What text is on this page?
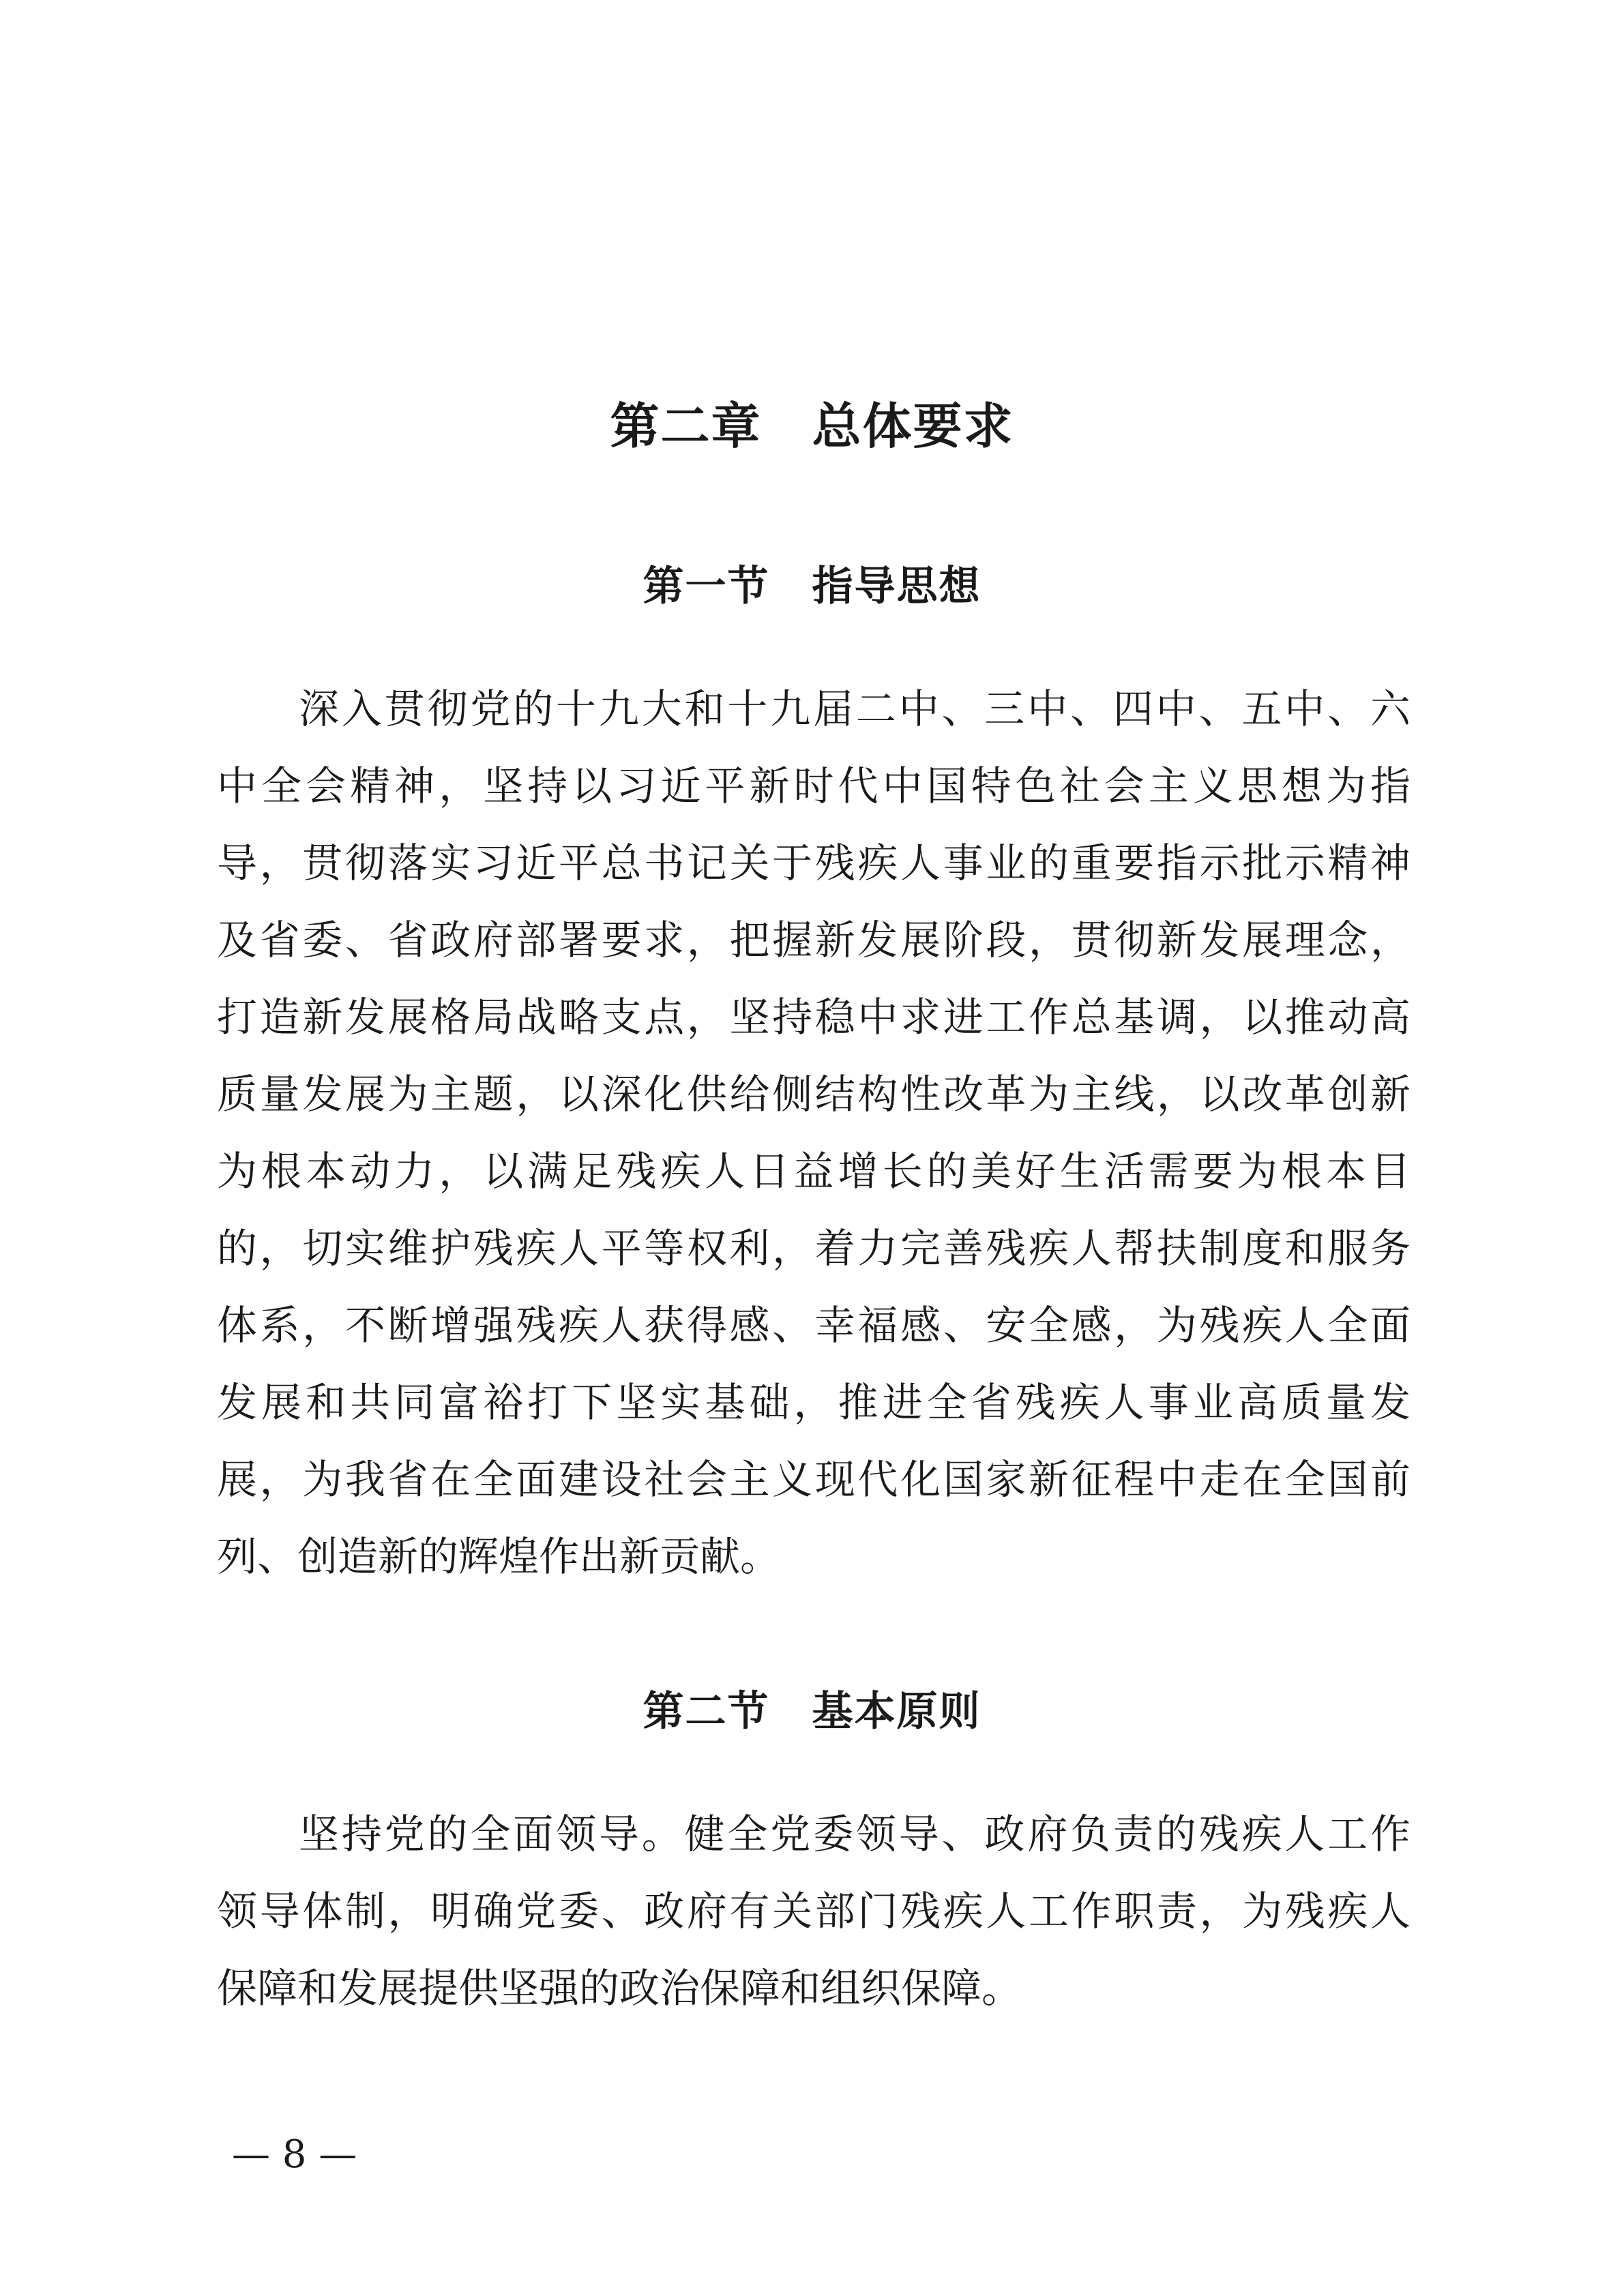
第二章　总体要求
第一节　指导思想
深入贯彻党的十九大和十九届二中、三中、四中、五中、六
中全会精神，坚持以习近平新时代中国特色社会主义思想为指
导，贯彻落实习近平总书记关于残疾人事业的重要指示批示精神
及省委、省政府部署要求，把握新发展阶段，贯彻新发展理念，
打造新发展格局战略支点，坚持稳中求进工作总基调，以推动高
质量发展为主题，以深化供给侧结构性改革为主线，以改革创新
为根本动力，以满足残疾人日益增长的美好生活需要为根本目
的，切实维护残疾人平等权利，着力完善残疾人帮扶制度和服务
体系，不断增强残疾人获得感、幸福感、安全感，为残疾人全面
发展和共同富裕打下坚实基础，推进全省残疾人事业高质量发
展，为我省在全面建设社会主义现代化国家新征程中走在全国前
列、创造新的辉煌作出新贡献。
第二节　基本原则
坚持党的全面领导。健全党委领导、政府负责的残疾人工作
领导体制，明确党委、政府有关部门残疾人工作职责，为残疾人
保障和发展提供坚强的政治保障和组织保障。
— 8 —
